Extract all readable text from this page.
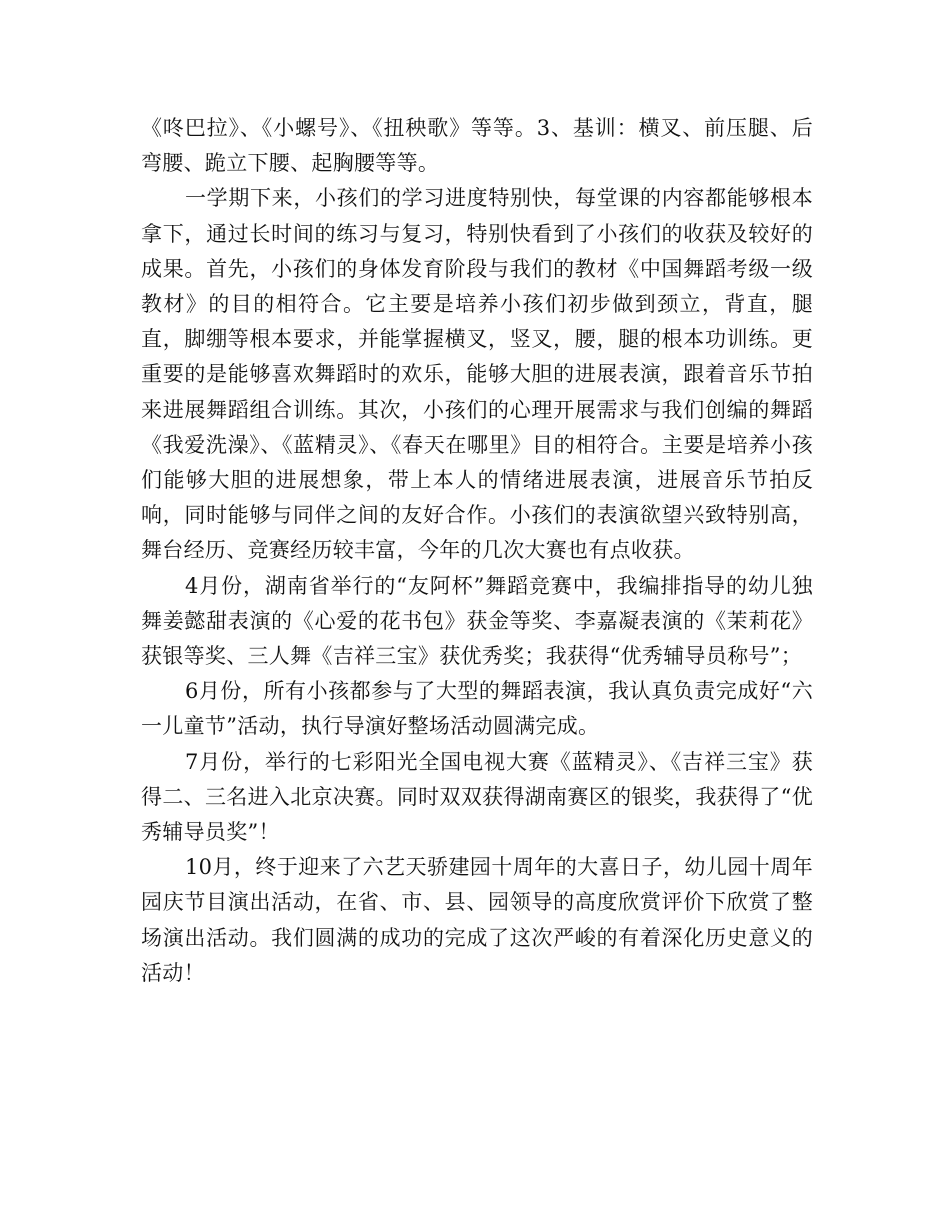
《咚巴拉》、《小螺号》、《扭秧歌》等等。3、基训：横叉、前压腿、后弯腰、跪立下腰、起胸腰等等。

一学期下来，小孩们的学习进度特别快，每堂课的内容都能够根本拿下，通过长时间的练习与复习，特别快看到了小孩们的收获及较好的成果。首先，小孩们的身体发育阶段与我们的教材《中国舞蹈考级一级教材》的目的相符合。它主要是培养小孩们初步做到颈立，背直，腿直，脚绷等根本要求，并能掌握横叉，竖叉，腰，腿的根本功训练。更重要的是能够喜欢舞蹈时的欢乐，能够大胆的进展表演，跟着音乐节拍来进展舞蹈组合训练。其次，小孩们的心理开展需求与我们创编的舞蹈《我爱洗澡》、《蓝精灵》、《春天在哪里》目的相符合。主要是培养小孩们能够大胆的进展想象，带上本人的情绪进展表演，进展音乐节拍反响，同时能够与同伴之间的友好合作。小孩们的表演欲望兴致特别高，舞台经历、竞赛经历较丰富，今年的几次大赛也有点收获。

4月份，湖南省举行的“友阿杯”舞蹈竞赛中，我编排指导的幼儿独舞姜懿甜表演的《心爱的花书包》获金等奖、李嘉凝表演的《茉莉花》获银等奖、三人舞《吉祥三宝》获优秀奖；我获得“优秀辅导员称号”；

6月份，所有小孩都参与了大型的舞蹈表演，我认真负责完成好“六一儿童节”活动，执行导演好整场活动圆满完成。

7月份，举行的七彩阳光全国电视大赛《蓝精灵》、《吉祥三宝》获得二、三名进入北京决赛。同时双双获得湖南赛区的银奖，我获得了“优秀辅导员奖”！

10月，终于迎来了六艺天骄建园十周年的大喜日子，幼儿园十周年园庆节目演出活动，在省、市、县、园领导的高度欣赏评价下欣赏了整场演出活动。我们圆满的成功的完成了这次严峻的有着深化历史意义的活动！
